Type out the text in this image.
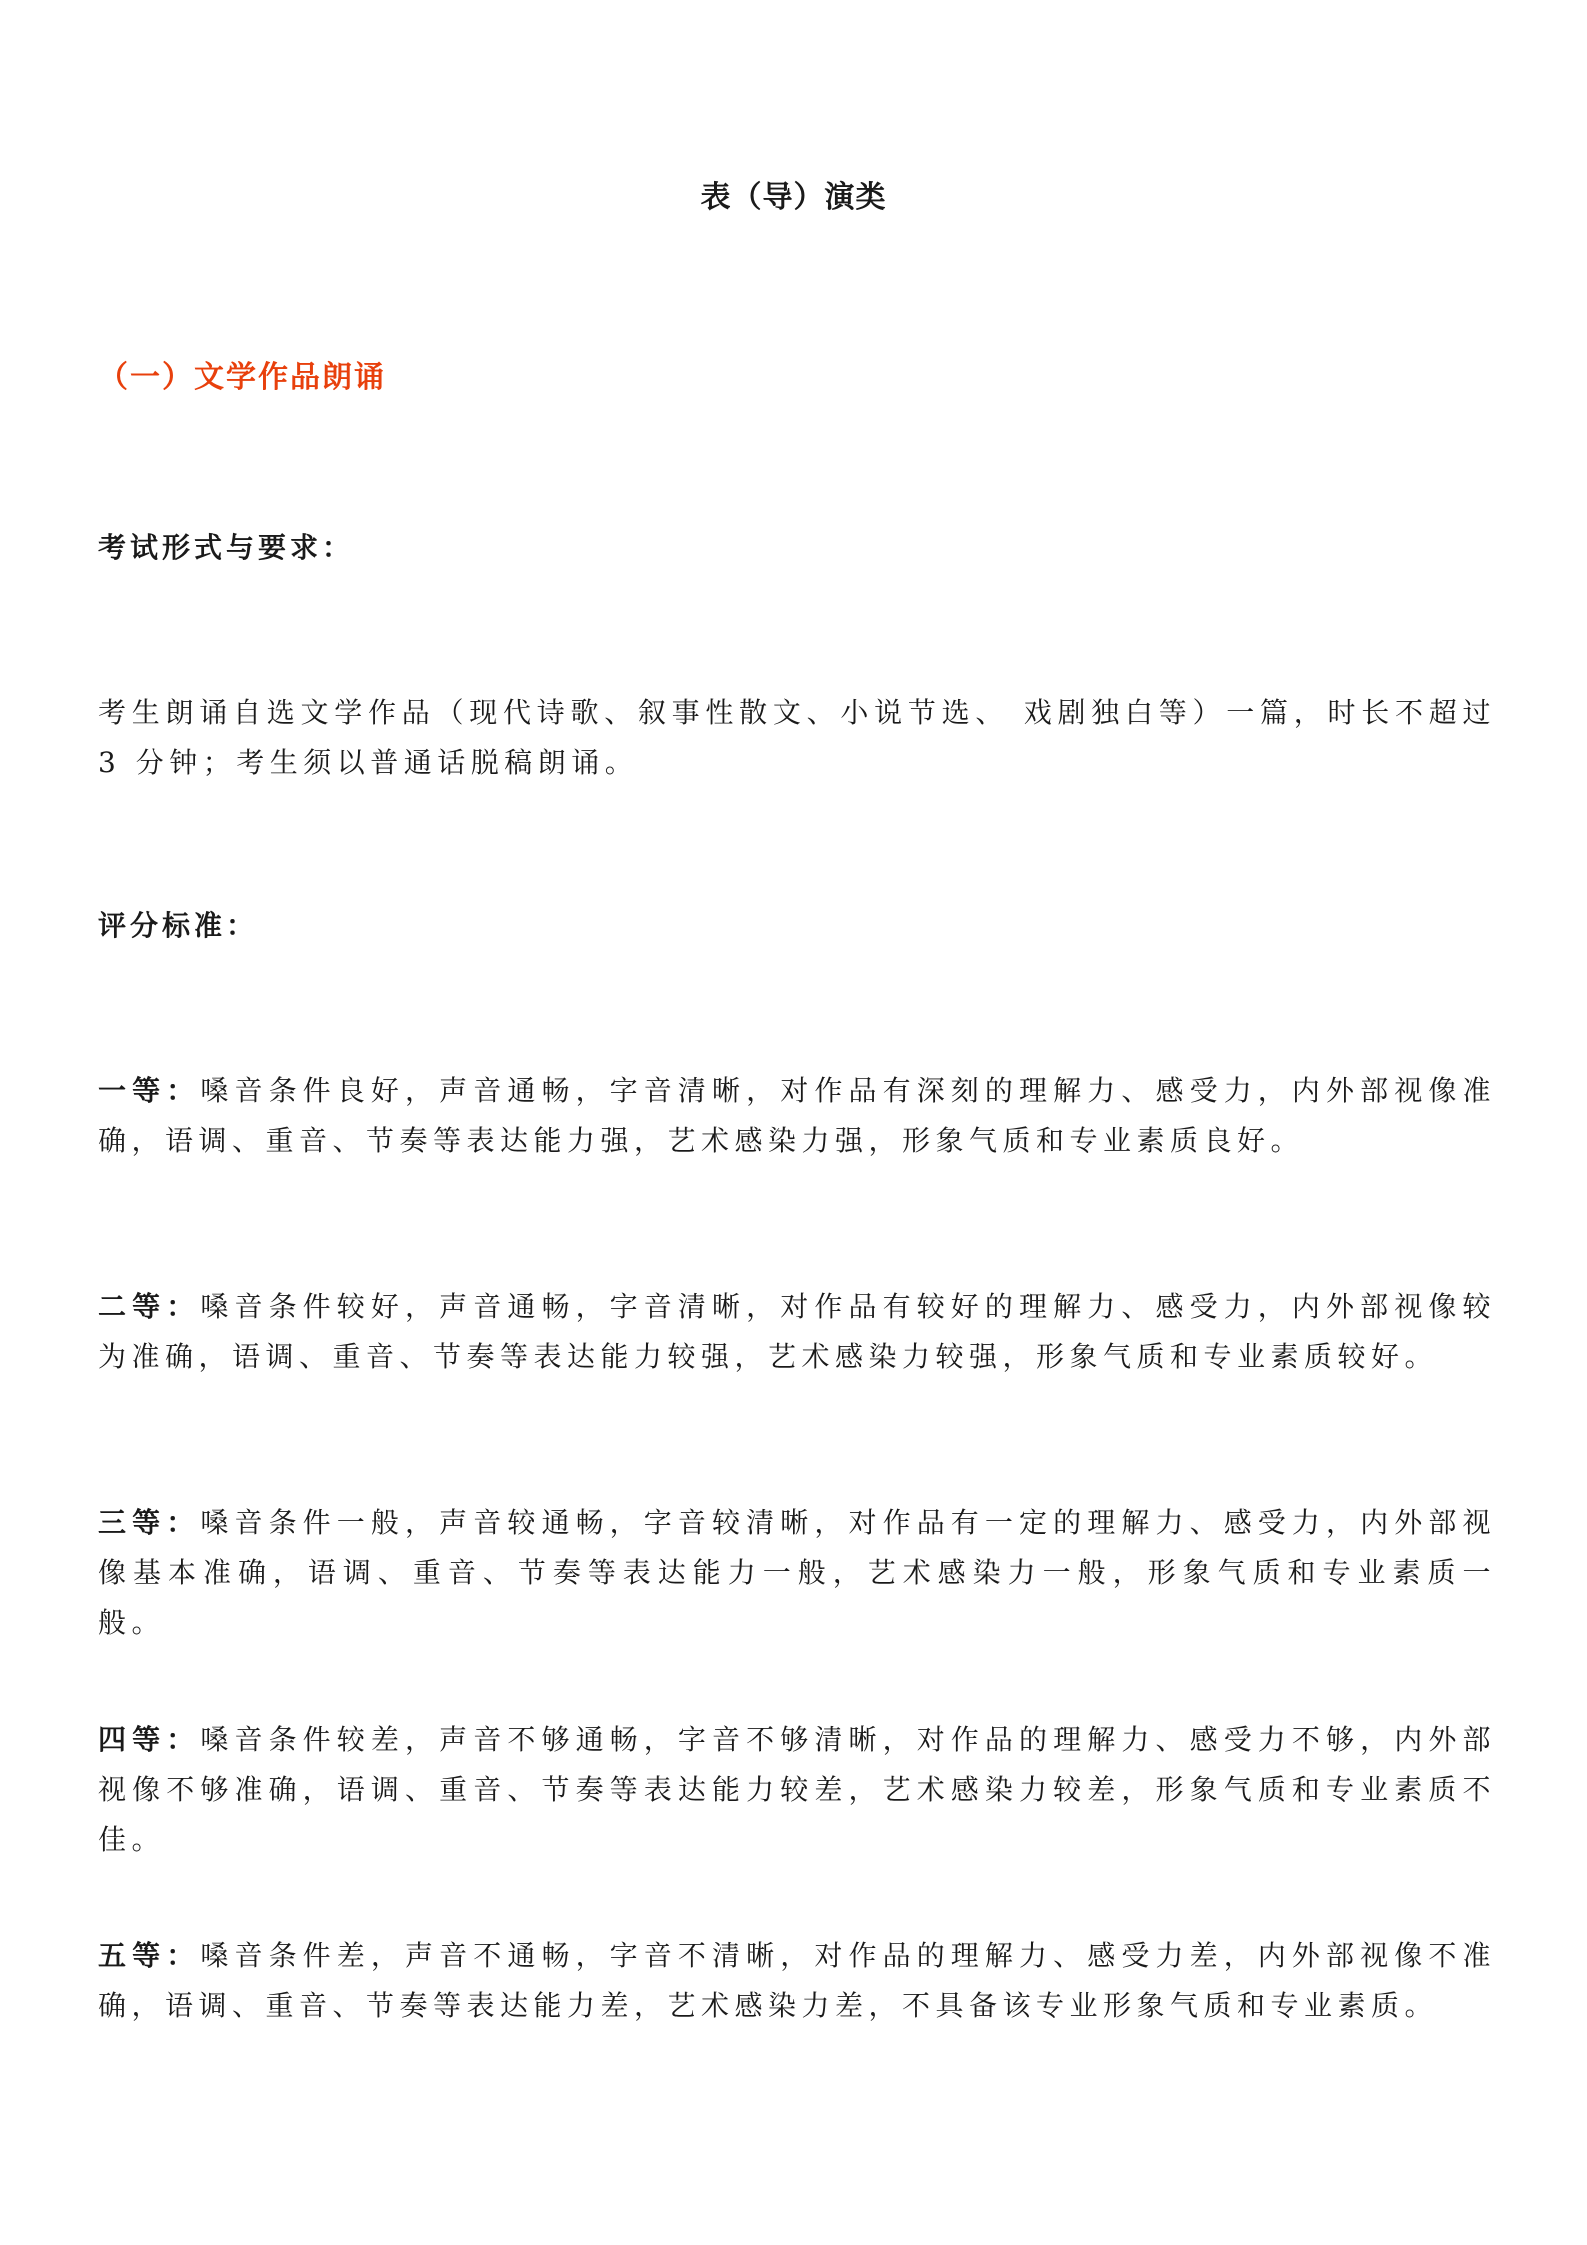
表（导）演类
（一）文学作品朗诵
考试形式与要求：
考生朗诵自选文学作品（现代诗歌、叙事性散文、小说节选、 戏剧独白等）一篇，时长不超过 3 分钟；考生须以普通话脱稿朗诵。
评分标准：
一等：嗓音条件良好，声音通畅，字音清晰，对作品有深刻的理解力、感受力，内外部视像准确，语调、重音、节奏等表达能力强，艺术感染力强，形象气质和专业素质良好。
二等：嗓音条件较好，声音通畅，字音清晰，对作品有较好的理解力、感受力，内外部视像较为准确，语调、重音、节奏等表达能力较强，艺术感染力较强，形象气质和专业素质较好。
三等：嗓音条件一般，声音较通畅，字音较清晰，对作品有一定的理解力、感受力，内外部视像基本准确，语调、重音、节奏等表达能力一般，艺术感染力一般，形象气质和专业素质一般。
四等：嗓音条件较差，声音不够通畅，字音不够清晰，对作品的理解力、感受力不够，内外部视像不够准确，语调、重音、节奏等表达能力较差，艺术感染力较差，形象气质和专业素质不佳。
五等：嗓音条件差，声音不通畅，字音不清晰，对作品的理解力、感受力差，内外部视像不准确，语调、重音、节奏等表达能力差，艺术感染力差，不具备该专业形象气质和专业素质。
